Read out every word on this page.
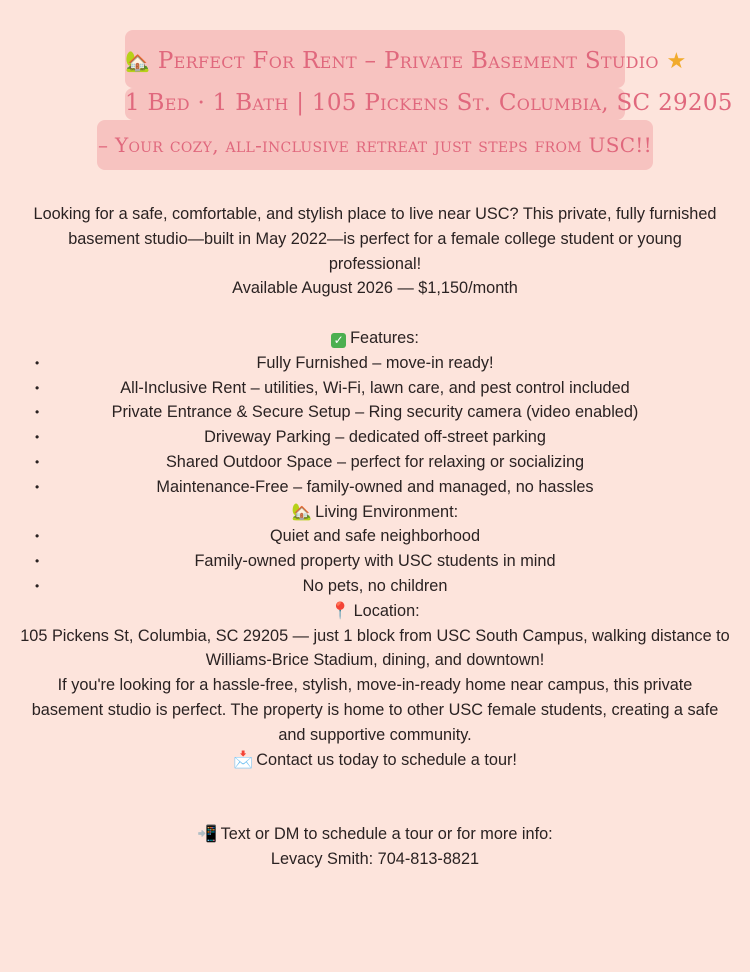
🏡 Perfect For Rent – Private Basement Studio ★
1 Bed · 1 Bath | 105 Pickens St. Columbia, SC 29205
– Your cozy, all-inclusive retreat just steps from USC!!

Looking for a safe, comfortable, and stylish place to live near USC? This private, fully furnished basement studio—built in May 2022—is perfect for a female college student or young professional!

Available August 2026 — $1,150/month

✓ Features:

• Fully Furnished – move-in ready!
• All-Inclusive Rent – utilities, Wi-Fi, lawn care, and pest control included
• Private Entrance & Secure Setup – Ring security camera (video enabled)
• Driveway Parking – dedicated off-street parking
• Shared Outdoor Space – perfect for relaxing or socializing
• Maintenance-Free – family-owned and managed, no hassles

🏡 Living Environment:

• Quiet and safe neighborhood
• Family-owned property with USC students in mind
• No pets, no children

📍 Location:

105 Pickens St, Columbia, SC 29205 — just 1 block from USC South Campus, walking distance to Williams-Brice Stadium, dining, and downtown!

If you're looking for a hassle-free, stylish, move-in-ready home near campus, this private basement studio is perfect. The property is home to other USC female students, creating a safe and supportive community.

📩 Contact us today to schedule a tour!

📲 Text or DM to schedule a tour or for more info:

Levacy Smith: 704-813-8821
